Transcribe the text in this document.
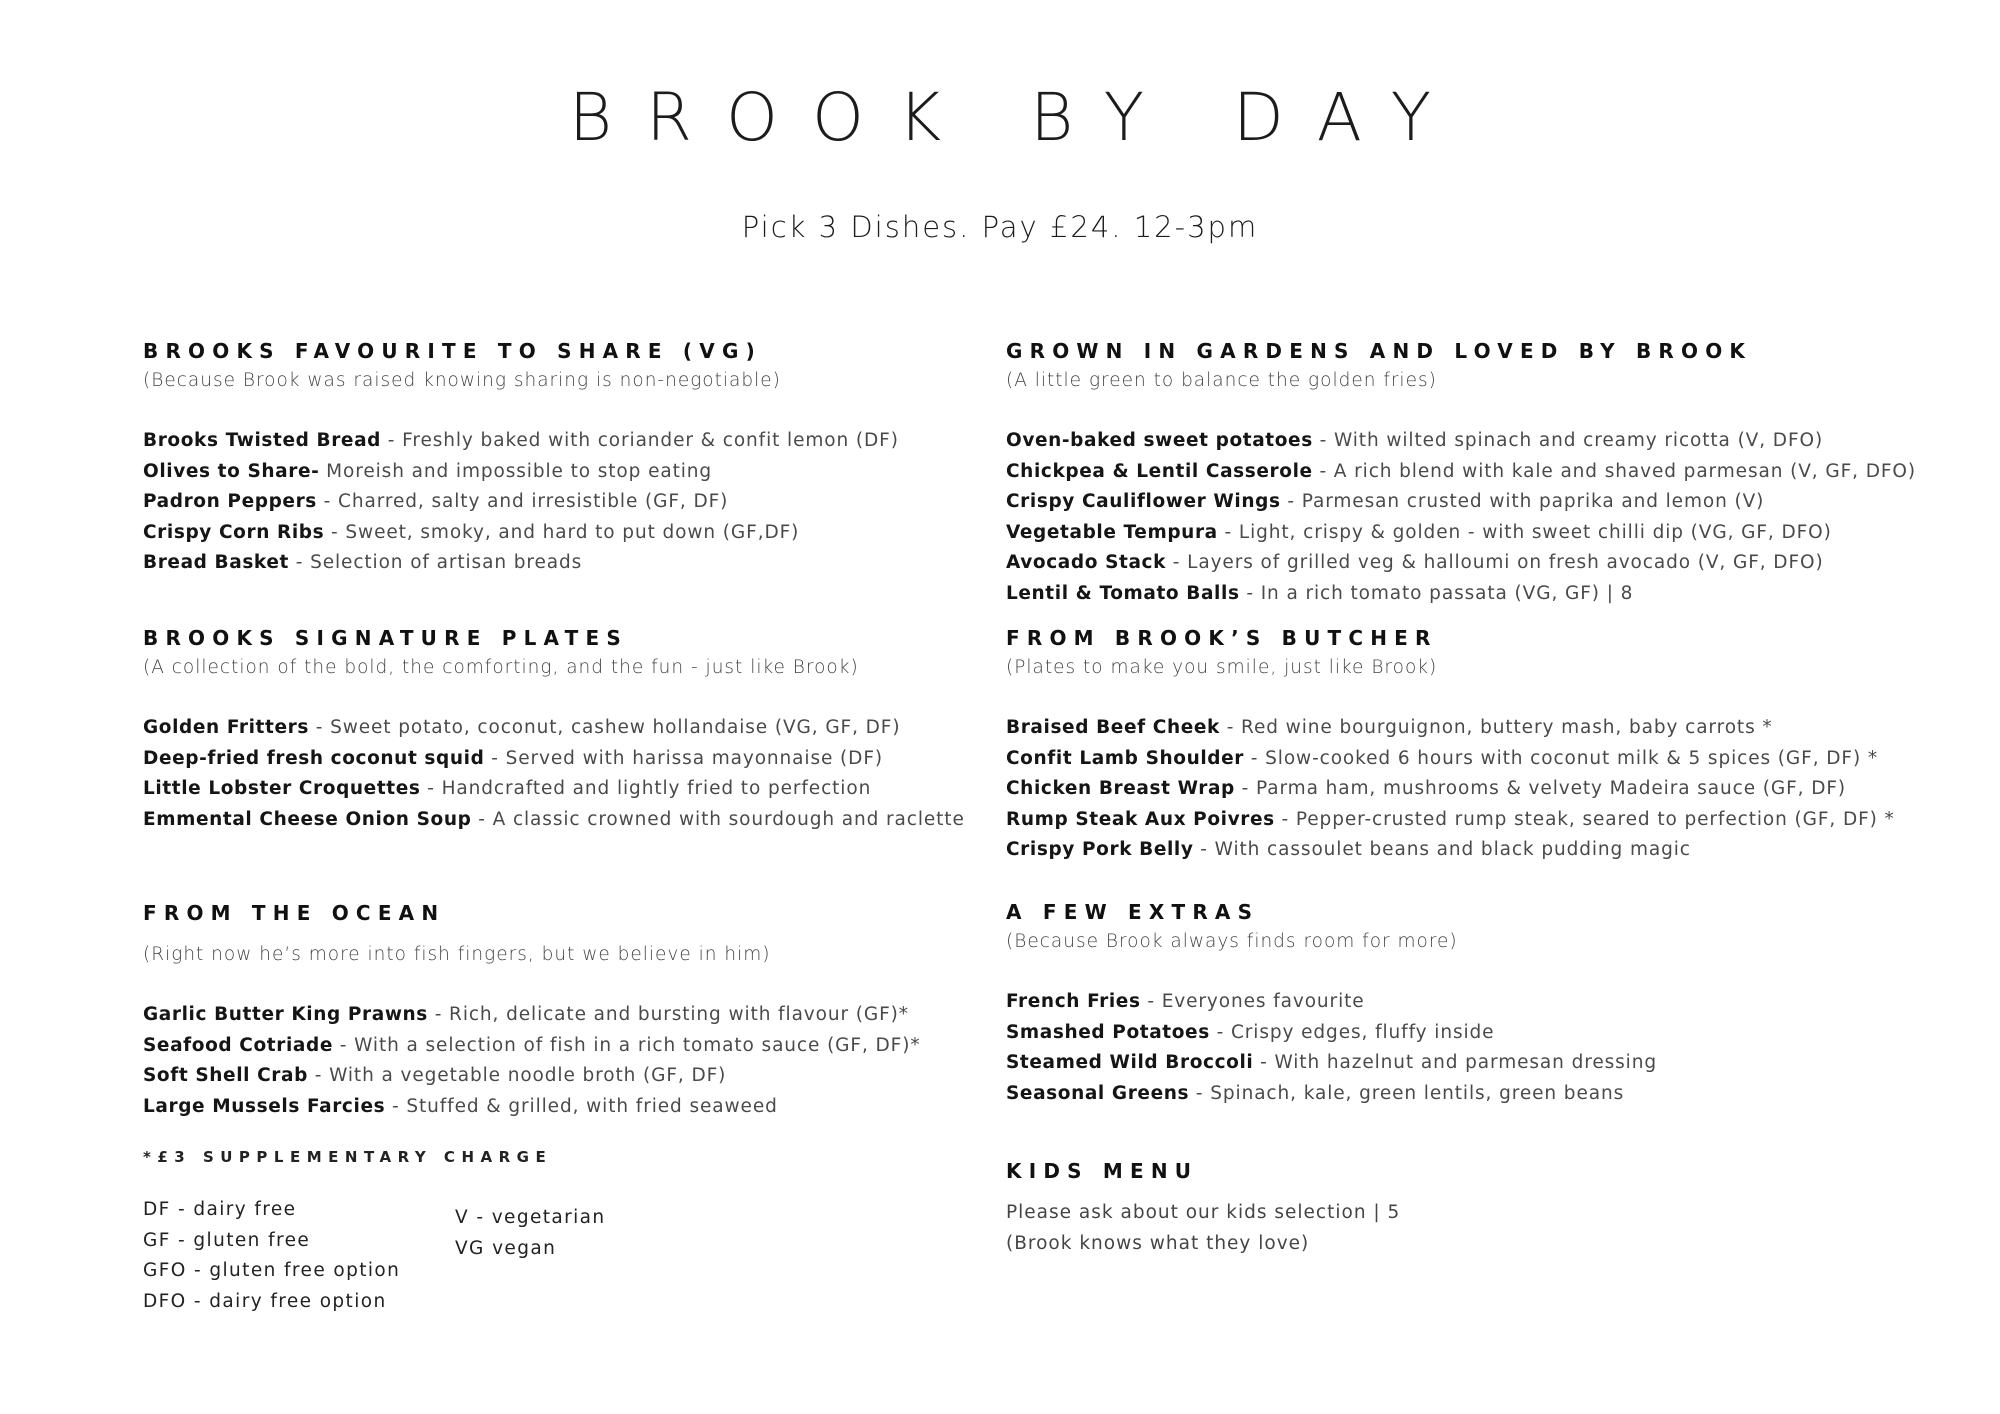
BROOK BY DAY
Pick 3 Dishes. Pay £24. 12-3pm
BROOKS FAVOURITE TO SHARE (VG)
(Because Brook was raised knowing sharing is non-negotiable)
Brooks Twisted Bread - Freshly baked with coriander & confit lemon (DF)
Olives to Share- Moreish and impossible to stop eating
Padron Peppers - Charred, salty and irresistible (GF, DF)
Crispy Corn Ribs - Sweet, smoky, and hard to put down (GF,DF)
Bread Basket - Selection of artisan breads
GROWN IN GARDENS AND LOVED BY BROOK
(A little green to balance the golden fries)
Oven-baked sweet potatoes - With wilted spinach and creamy ricotta (V, DFO)
Chickpea & Lentil Casserole - A rich blend with kale and shaved parmesan (V, GF, DFO)
Crispy Cauliflower Wings - Parmesan crusted with paprika and lemon (V)
Vegetable Tempura - Light, crispy & golden - with sweet chilli dip (VG, GF, DFO)
Avocado Stack - Layers of grilled veg & halloumi on fresh avocado (V, GF, DFO)
Lentil & Tomato Balls - In a rich tomato passata (VG, GF) | 8
BROOKS SIGNATURE PLATES
(A collection of the bold, the comforting, and the fun - just like Brook)
Golden Fritters - Sweet potato, coconut, cashew hollandaise (VG, GF, DF)
Deep-fried fresh coconut squid - Served with harissa mayonnaise (DF)
Little Lobster Croquettes - Handcrafted and lightly fried to perfection
Emmental Cheese Onion Soup - A classic crowned with sourdough and raclette
FROM BROOK’S BUTCHER
(Plates to make you smile, just like Brook)
Braised Beef Cheek - Red wine bourguignon, buttery mash, baby carrots *
Confit Lamb Shoulder - Slow-cooked 6 hours with coconut milk & 5 spices (GF, DF) *
Chicken Breast Wrap - Parma ham, mushrooms & velvety Madeira sauce (GF, DF)
Rump Steak Aux Poivres - Pepper-crusted rump steak, seared to perfection (GF, DF) *
Crispy Pork Belly - With cassoulet beans and black pudding magic
FROM THE OCEAN
(Right now he’s more into fish fingers, but we believe in him)
Garlic Butter King Prawns - Rich, delicate and bursting with flavour (GF)*
Seafood Cotriade - With a selection of fish in a rich tomato sauce (GF, DF)*
Soft Shell Crab - With a vegetable noodle broth (GF, DF)
Large Mussels Farcies - Stuffed & grilled, with fried seaweed
A FEW EXTRAS
(Because Brook always finds room for more)
French Fries - Everyones favourite
Smashed Potatoes - Crispy edges, fluffy inside
Steamed Wild Broccoli - With hazelnut and parmesan dressing
Seasonal Greens - Spinach, kale, green lentils, green beans
*£3 SUPPLEMENTARY CHARGE
DF - dairy free
GF - gluten free
GFO - gluten free option
DFO - dairy free option
V - vegetarian
VG vegan
KIDS MENU
Please ask about our kids selection | 5
(Brook knows what they love)
